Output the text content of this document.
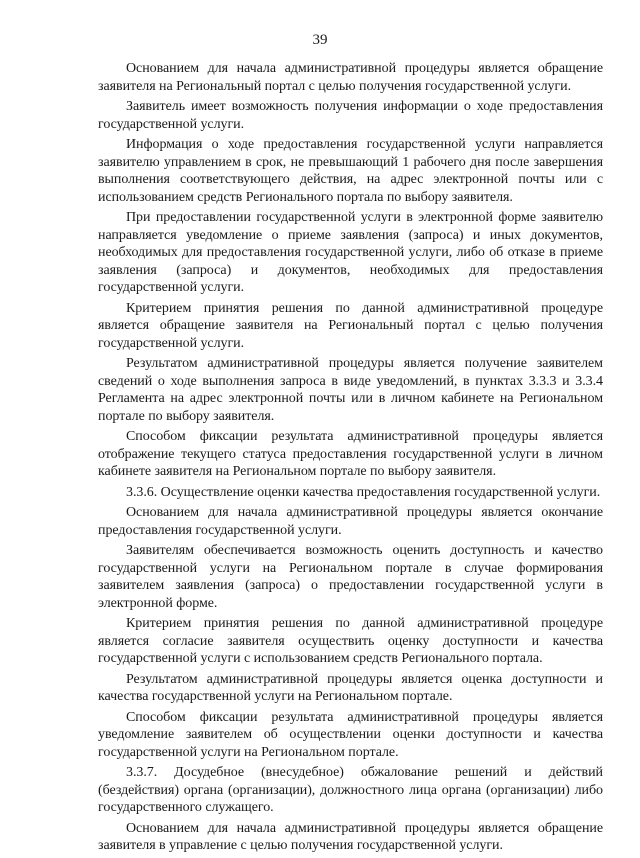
39

Основанием для начала административной процедуры является обращение заявителя на Региональный портал с целью получения государственной услуги.

Заявитель имеет возможность получения информации о ходе предоставления государственной услуги.

Информация о ходе предоставления государственной услуги направляется заявителю управлением в срок, не превышающий 1 рабочего дня после завершения выполнения соответствующего действия, на адрес электронной почты или с использованием средств Регионального портала по выбору заявителя.

При предоставлении государственной услуги в электронной форме заявителю направляется уведомление о приеме заявления (запроса) и иных документов, необходимых для предоставления государственной услуги, либо об отказе в приеме заявления (запроса) и документов, необходимых для предоставления государственной услуги.

Критерием принятия решения по данной административной процедуре является обращение заявителя на Региональный портал с целью получения государственной услуги.

Результатом административной процедуры является получение заявителем сведений о ходе выполнения запроса в виде уведомлений, в пунктах 3.3.3 и 3.3.4 Регламента на адрес электронной почты или в личном кабинете на Региональном портале по выбору заявителя.

Способом фиксации результата административной процедуры является отображение текущего статуса предоставления государственной услуги в личном кабинете заявителя на Региональном портале по выбору заявителя.

3.3.6. Осуществление оценки качества предоставления государственной услуги.

Основанием для начала административной процедуры является окончание предоставления государственной услуги.

Заявителям обеспечивается возможность оценить доступность и качество государственной услуги на Региональном портале в случае формирования заявителем заявления (запроса) о предоставлении государственной услуги в электронной форме.

Критерием принятия решения по данной административной процедуре является согласие заявителя осуществить оценку доступности и качества государственной услуги с использованием средств Регионального портала.

Результатом административной процедуры является оценка доступности и качества государственной услуги на Региональном портале.

Способом фиксации результата административной процедуры является уведомление заявителем об осуществлении оценки доступности и качества государственной услуги на Региональном портале.

3.3.7. Досудебное (внесудебное) обжалование решений и действий (бездействия) органа (организации), должностного лица органа (организации) либо государственного служащего.

Основанием для начала административной процедуры является обращение заявителя в управление с целью получения государственной услуги.
